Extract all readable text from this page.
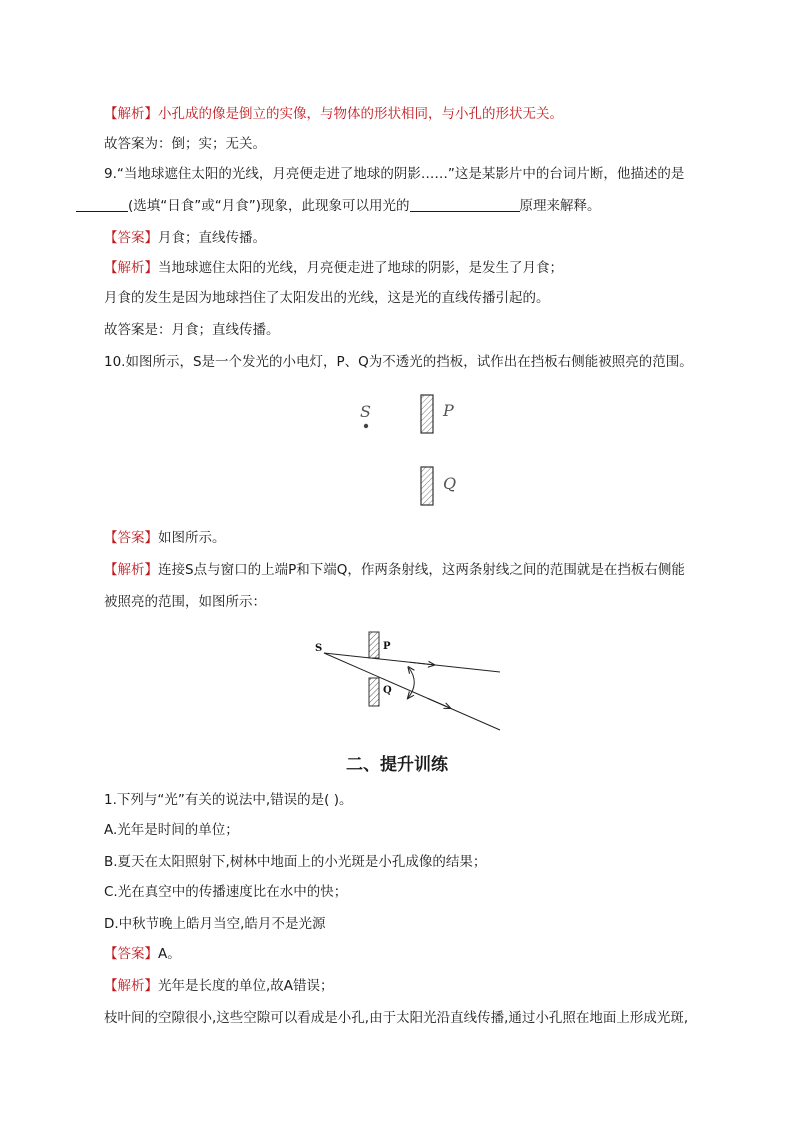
【解析】小孔成的像是倒立的实像，与物体的形状相同，与小孔的形状无关。
故答案为：倒；实；无关。
9.“当地球遮住太阳的光线，月亮便走进了地球的阴影……”这是某影片中的台词片断，他描述的是
(选填“日食”或“月食”)现象，此现象可以用光的	原理来解释。
【答案】月食；直线传播。
【解析】当地球遮住太阳的光线，月亮便走进了地球的阴影，是发生了月食；
月食的发生是因为地球挡住了太阳发出的光线，这是光的直线传播引起的。
故答案是：月食；直线传播。
10.如图所示，S是一个发光的小电灯，P、Q为不透光的挡板，试作出在挡板右侧能被照亮的范围。
S	P
Q
【答案】如图所示。
【解析】连接S点与窗口的上端P和下端Q，作两条射线，这两条射线之间的范围就是在挡板右侧能
被照亮的范围，如图所示：
S	P
Q
二、提升训练
1.下列与“光”有关的说法中,错误的是( )。
A.光年是时间的单位；
B.夏天在太阳照射下,树林中地面上的小光斑是小孔成像的结果；
C.光在真空中的传播速度比在水中的快；
D.中秋节晚上皓月当空,皓月不是光源
【答案】A。
【解析】光年是长度的单位,故A错误；
枝叶间的空隙很小,这些空隙可以看成是小孔,由于太阳光沿直线传播,通过小孔照在地面上形成光斑,
